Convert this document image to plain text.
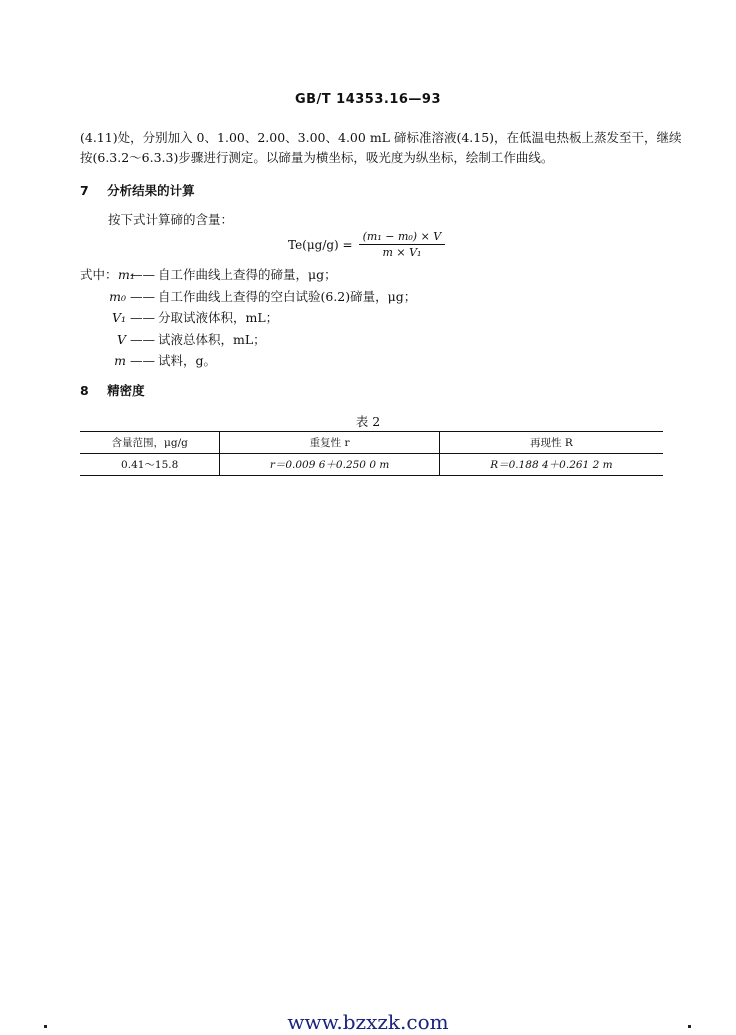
GB/T 14353.16—93
(4.11)处，分别加入 0、1.00、2.00、3.00、4.00 mL 碲标准溶液(4.15)，在低温电热板上蒸发至干，继续
按(6.3.2～6.3.3)步骤进行测定。以碲量为横坐标，吸光度为纵坐标，绘制工作曲线。
7 分析结果的计算
按下式计算碲的含量：
$Te(\mu g/g) = \frac{\text{(m₁ − m₀) × V}}{\text{m × V₁}}$
式中： m₁
—— 自工作曲线上查得的碲量，μg；
m₀ —— 自工作曲线上查得的空白试验(6.2)碲量，μg；
V₁ —— 分取试液体积，mL；
V —— 试液总体积，mL；
m —— 试料，g。
8 精密度
表 2
含量范围，μg/g	重复性 r	再现性 R
0.41～15.8	r＝0.009 6＋0.250 0 m	R＝0.188 4＋0.261 2 m
www.bzxzk.com
